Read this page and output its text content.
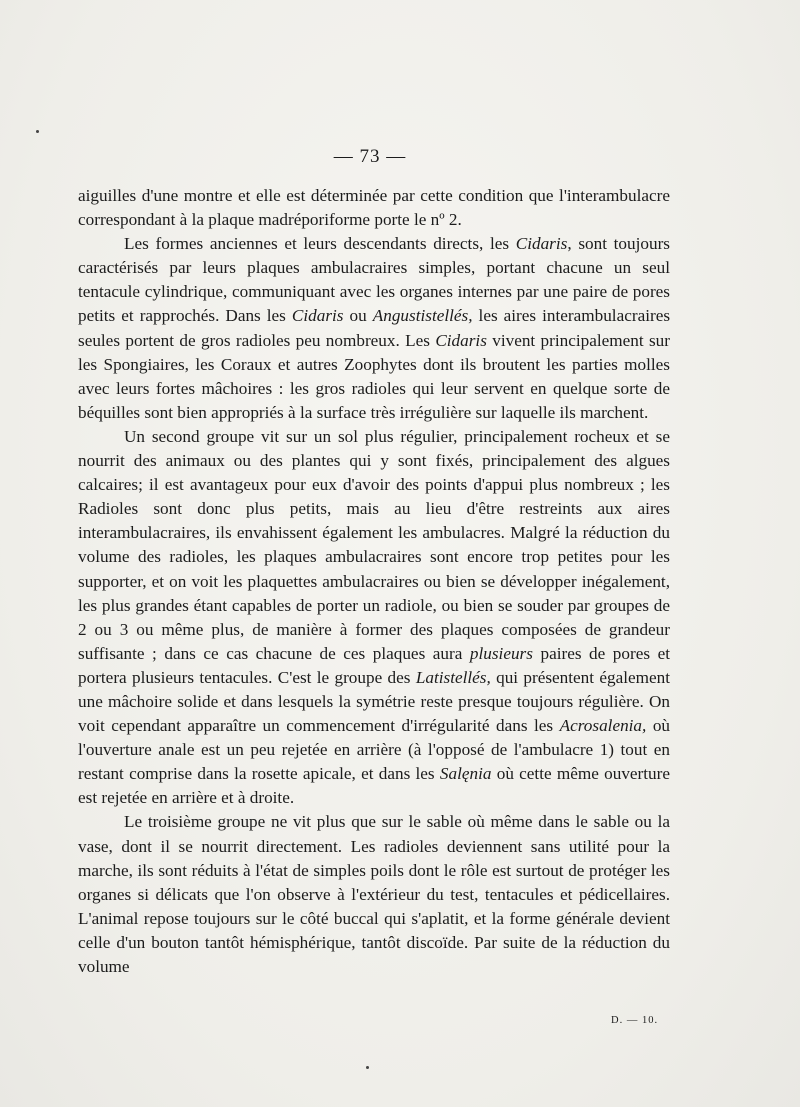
— 73 —

aiguilles d'une montre et elle est déterminée par cette condition que l'interambulacre correspondant à la plaque madréporiforme porte le nº 2.

Les formes anciennes et leurs descendants directs, les Cidaris, sont toujours caractérisés par leurs plaques ambulacraires simples, portant chacune un seul tentacule cylindrique, communiquant avec les organes internes par une paire de pores petits et rapprochés. Dans les Cidaris ou Angustistellés, les aires interambulacraires seules portent de gros radioles peu nombreux. Les Cidaris vivent principalement sur les Spongiaires, les Coraux et autres Zoophytes dont ils broutent les parties molles avec leurs fortes mâchoires : les gros radioles qui leur servent en quelque sorte de béquilles sont bien appropriés à la surface très irrégulière sur laquelle ils marchent.

Un second groupe vit sur un sol plus régulier, principalement rocheux et se nourrit des animaux ou des plantes qui y sont fixés, principalement des algues calcaires; il est avantageux pour eux d'avoir des points d'appui plus nombreux ; les Radioles sont donc plus petits, mais au lieu d'être restreints aux aires interambulacraires, ils envahissent également les ambulacres. Malgré la réduction du volume des radioles, les plaques ambulacraires sont encore trop petites pour les supporter, et on voit les plaquettes ambulacraires ou bien se développer inégalement, les plus grandes étant capables de porter un radiole, ou bien se souder par groupes de 2 ou 3 ou même plus, de manière à former des plaques composées de grandeur suffisante ; dans ce cas chacune de ces plaques aura plusieurs paires de pores et portera plusieurs tentacules. C'est le groupe des Latistellés, qui présentent également une mâchoire solide et dans lesquels la symétrie reste presque toujours régulière. On voit cependant apparaître un commencement d'irrégularité dans les Acrosalenia, où l'ouverture anale est un peu rejetée en arrière (à l'opposé de l'ambulacre 1) tout en restant comprise dans la rosette apicale, et dans les Salęnia où cette même ouverture est rejetée en arrière et à droite.

Le troisième groupe ne vit plus que sur le sable où même dans le sable ou la vase, dont il se nourrit directement. Les radioles deviennent sans utilité pour la marche, ils sont réduits à l'état de simples poils dont le rôle est surtout de protéger les organes si délicats que l'on observe à l'extérieur du test, tentacules et pédicellaires. L'animal repose toujours sur le côté buccal qui s'aplatit, et la forme générale devient celle d'un bouton tantôt hémisphérique, tantôt discoïde. Par suite de la réduction du volume

D. — 10.
